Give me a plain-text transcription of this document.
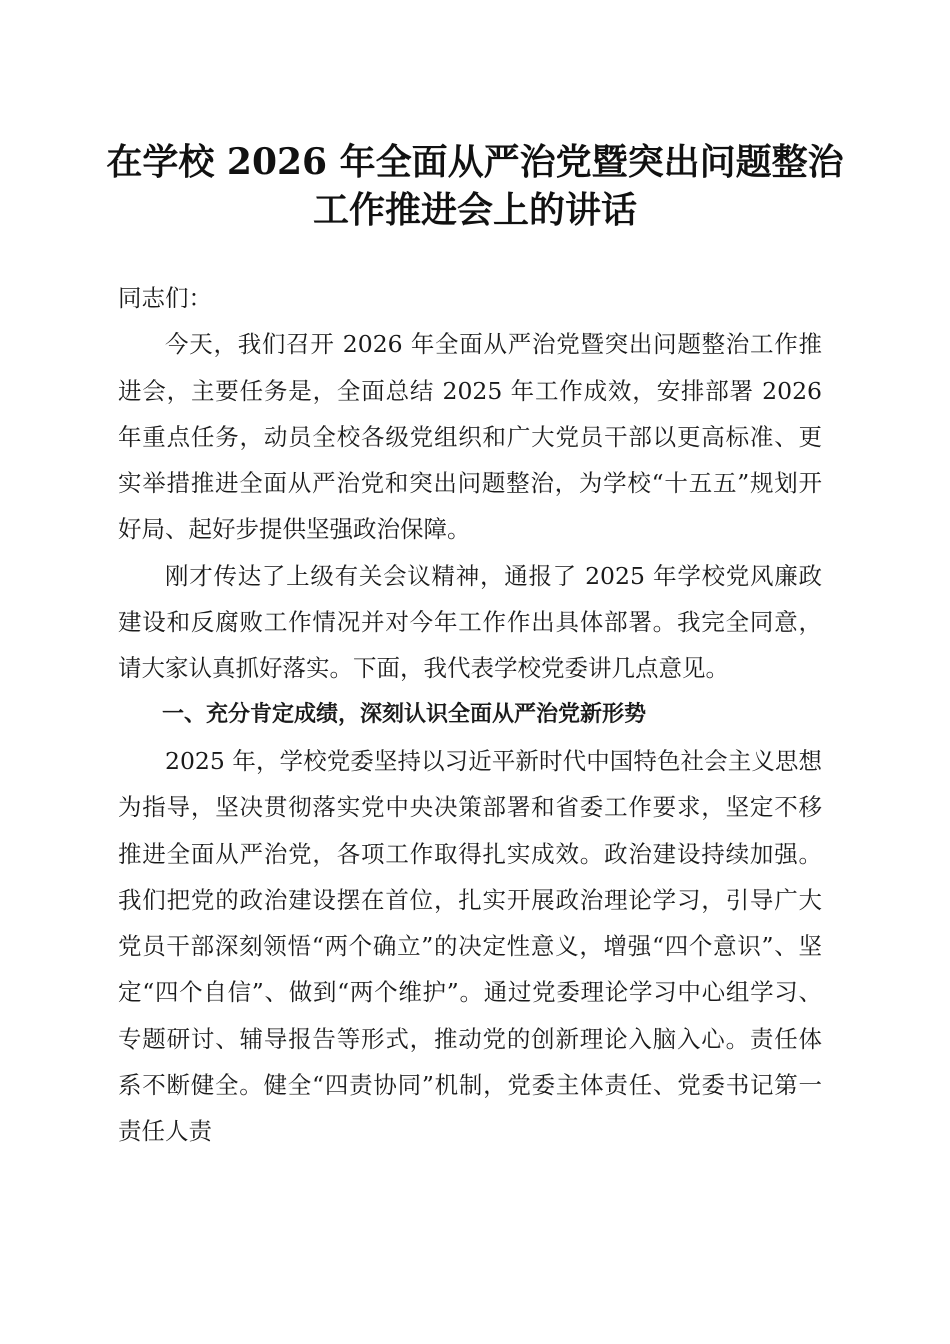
在学校 2026 年全面从严治党暨突出问题整治
工作推进会上的讲话

同志们：

今天，我们召开 2026 年全面从严治党暨突出问题整治工作推进会，主要任务是，全面总结 2025 年工作成效，安排部署 2026 年重点任务，动员全校各级党组织和广大党员干部以更高标准、更实举措推进全面从严治党和突出问题整治，为学校“十五五”规划开好局、起好步提供坚强政治保障。

刚才传达了上级有关会议精神，通报了 2025 年学校党风廉政建设和反腐败工作情况并对今年工作作出具体部署。我完全同意，请大家认真抓好落实。下面，我代表学校党委讲几点意见。

一、充分肯定成绩，深刻认识全面从严治党新形势

2025 年，学校党委坚持以习近平新时代中国特色社会主义思想为指导，坚决贯彻落实党中央决策部署和省委工作要求，坚定不移推进全面从严治党，各项工作取得扎实成效。政治建设持续加强。我们把党的政治建设摆在首位，扎实开展政治理论学习，引导广大党员干部深刻领悟“两个确立”的决定性意义，增强“四个意识”、坚定“四个自信”、做到“两个维护”。通过党委理论学习中心组学习、专题研讨、辅导报告等形式，推动党的创新理论入脑入心。责任体系不断健全。健全“四责协同”机制，党委主体责任、党委书记第一责任人责
